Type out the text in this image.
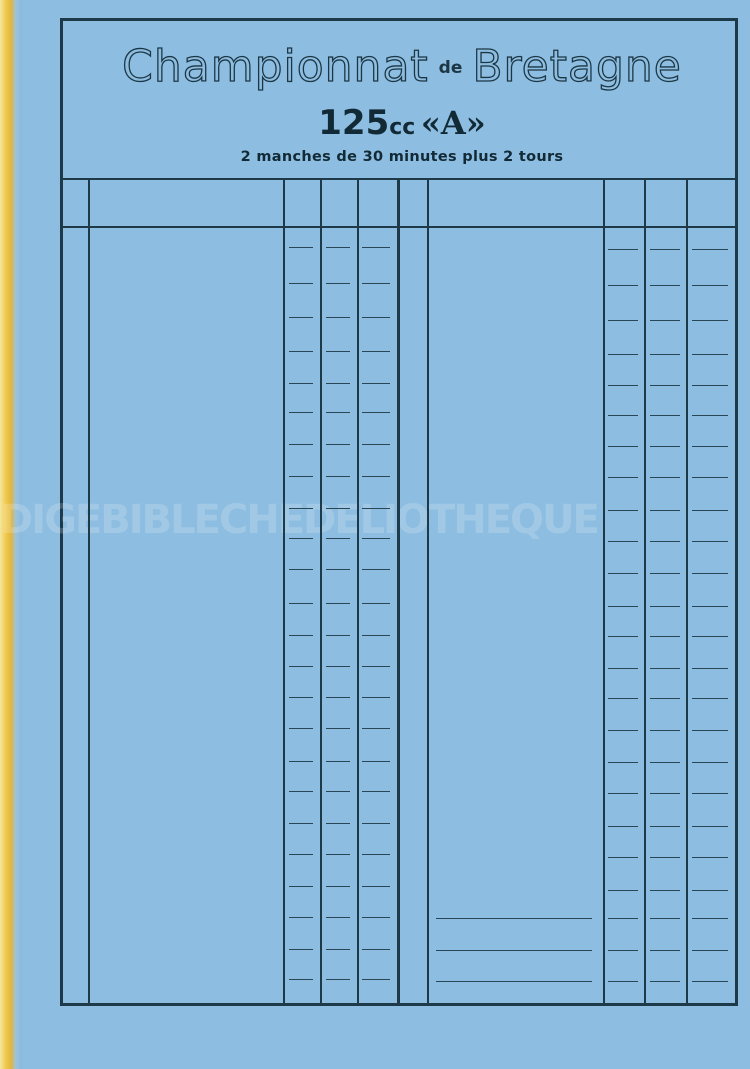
Championnat de Bretagne
125cc «A»
2 manches de 30 minutes plus 2 tours
